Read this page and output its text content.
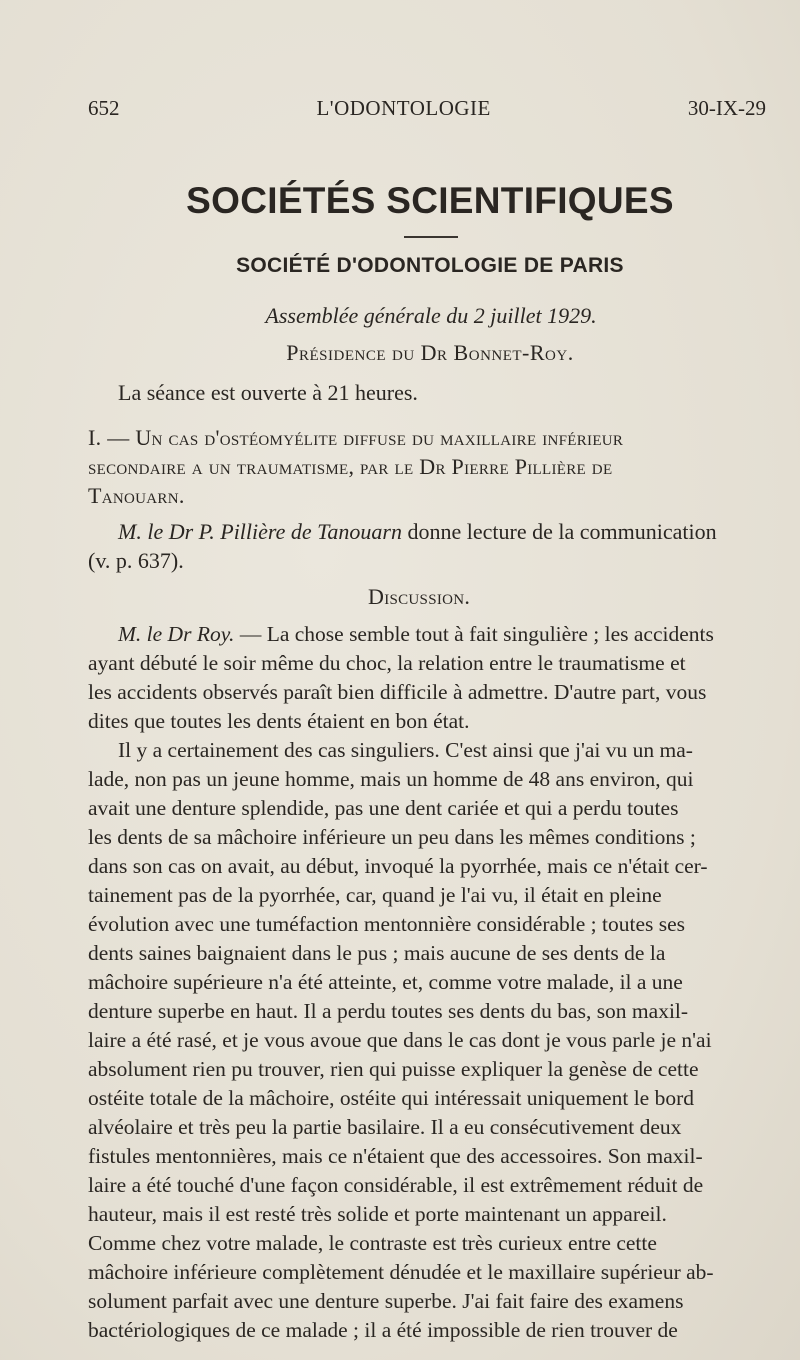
652	L'ODONTOLOGIE	30-IX-29
SOCIÉTÉS SCIENTIFIQUES
SOCIÉTÉ D'ODONTOLOGIE DE PARIS
Assemblée générale du 2 juillet 1929.
Présidence du Dr Bonnet-Roy.
La séance est ouverte à 21 heures.
I. — Un cas d'ostéomyélite diffuse du maxillaire inférieur
secondaire a un traumatisme, par le Dr Pierre Pillière de
Tanouarn.
M. le Dr P. Pillière de Tanouarn donne lecture de la communication
(v. p. 637).
Discussion.
M. le Dr Roy. — La chose semble tout à fait singulière ; les accidents
ayant débuté le soir même du choc, la relation entre le traumatisme et
les accidents observés paraît bien difficile à admettre. D'autre part, vous
dites que toutes les dents étaient en bon état.
Il y a certainement des cas singuliers. C'est ainsi que j'ai vu un ma-
lade, non pas un jeune homme, mais un homme de 48 ans environ, qui
avait une denture splendide, pas une dent cariée et qui a perdu toutes
les dents de sa mâchoire inférieure un peu dans les mêmes conditions ;
dans son cas on avait, au début, invoqué la pyorrhée, mais ce n'était cer-
tainement pas de la pyorrhée, car, quand je l'ai vu, il était en pleine
évolution avec une tuméfaction mentonnière considérable ; toutes ses
dents saines baignaient dans le pus ; mais aucune de ses dents de la
mâchoire supérieure n'a été atteinte, et, comme votre malade, il a une
denture superbe en haut. Il a perdu toutes ses dents du bas, son maxil-
laire a été rasé, et je vous avoue que dans le cas dont je vous parle je n'ai
absolument rien pu trouver, rien qui puisse expliquer la genèse de cette
ostéite totale de la mâchoire, ostéite qui intéressait uniquement le bord
alvéolaire et très peu la partie basilaire. Il a eu consécutivement deux
fistules mentonnières, mais ce n'étaient que des accessoires. Son maxil-
laire a été touché d'une façon considérable, il est extrêmement réduit de
hauteur, mais il est resté très solide et porte maintenant un appareil.
Comme chez votre malade, le contraste est très curieux entre cette
mâchoire inférieure complètement dénudée et le maxillaire supérieur ab-
solument parfait avec une denture superbe. J'ai fait faire des examens
bactériologiques de ce malade ; il a été impossible de rien trouver de
